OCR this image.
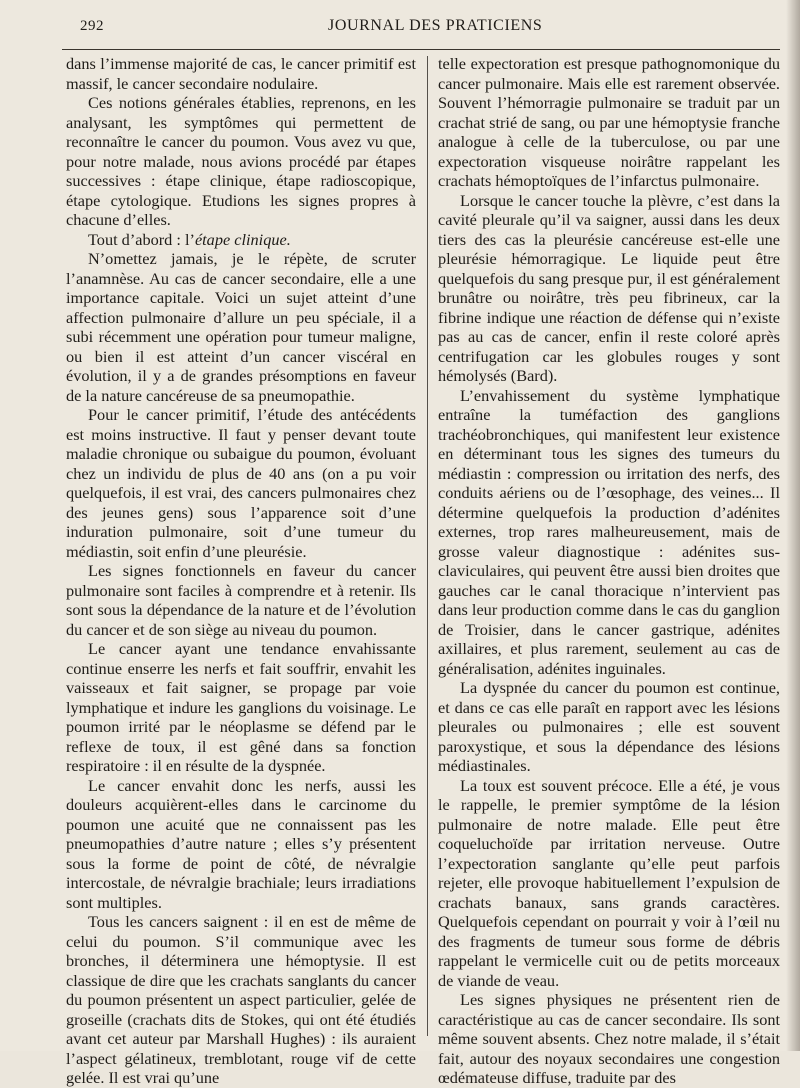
292	JOURNAL DES PRATICIENS

dans l’immense majorité de cas, le cancer primitif est massif, le cancer secondaire nodulaire.

Ces notions générales établies, reprenons, en les analysant, les symptômes qui permettent de reconnaître le cancer du poumon. Vous avez vu que, pour notre malade, nous avions procédé par étapes successives : étape clinique, étape radioscopique, étape cytologique. Etudions les signes propres à chacune d’elles.

Tout d’abord : l’étape clinique.

N’omettez jamais, je le répète, de scruter l’anamnèse. Au cas de cancer secondaire, elle a une importance capitale. Voici un sujet atteint d’une affection pulmonaire d’allure un peu spéciale, il a subi récemment une opération pour tumeur maligne, ou bien il est atteint d’un cancer viscéral en évolution, il y a de grandes présomptions en faveur de la nature cancéreuse de sa pneumopathie.

Pour le cancer primitif, l’étude des antécédents est moins instructive. Il faut y penser devant toute maladie chronique ou subaigue du poumon, évoluant chez un individu de plus de 40 ans (on a pu voir quelquefois, il est vrai, des cancers pulmonaires chez des jeunes gens) sous l’apparence soit d’une induration pulmonaire, soit d’une tumeur du médiastin, soit enfin d’une pleurésie.

Les signes fonctionnels en faveur du cancer pulmonaire sont faciles à comprendre et à retenir. Ils sont sous la dépendance de la nature et de l’évolution du cancer et de son siège au niveau du poumon.

Le cancer ayant une tendance envahissante continue enserre les nerfs et fait souffrir, envahit les vaisseaux et fait saigner, se propage par voie lymphatique et indure les ganglions du voisinage. Le poumon irrité par le néoplasme se défend par le reflexe de toux, il est gêné dans sa fonction respiratoire : il en résulte de la dyspnée.

Le cancer envahit donc les nerfs, aussi les douleurs acquièrent-elles dans le carcinome du poumon une acuité que ne connaissent pas les pneumopathies d’autre nature ; elles s’y présentent sous la forme de point de côté, de névralgie intercostale, de névralgie brachiale; leurs irradiations sont multiples.

Tous les cancers saignent : il en est de même de celui du poumon. S’il communique avec les bronches, il déterminera une hémoptysie. Il est classique de dire que les crachats sanglants du cancer du poumon présentent un aspect particulier, gelée de groseille (crachats dits de Stokes, qui ont été étudiés avant cet auteur par Marshall Hughes) : ils auraient l’aspect gélatineux, tremblotant, rouge vif de cette gelée. Il est vrai qu’une

telle expectoration est presque pathognomonique du cancer pulmonaire. Mais elle est rarement observée. Souvent l’hémorragie pulmonaire se traduit par un crachat strié de sang, ou par une hémoptysie franche analogue à celle de la tuberculose, ou par une expectoration visqueuse noirâtre rappelant les crachats hémoptoïques de l’infarctus pulmonaire.

Lorsque le cancer touche la plèvre, c’est dans la cavité pleurale qu’il va saigner, aussi dans les deux tiers des cas la pleurésie cancéreuse est-elle une pleurésie hémorragique. Le liquide peut être quelquefois du sang presque pur, il est généralement brunâtre ou noirâtre, très peu fibrineux, car la fibrine indique une réaction de défense qui n’existe pas au cas de cancer, enfin il reste coloré après centrifugation car les globules rouges y sont hémolysés (Bard).

L’envahissement du système lymphatique entraîne la tuméfaction des ganglions trachéobronchiques, qui manifestent leur existence en déterminant tous les signes des tumeurs du médiastin : compression ou irritation des nerfs, des conduits aériens ou de l’œsophage, des veines... Il détermine quelquefois la production d’adénites externes, trop rares malheureusement, mais de grosse valeur diagnostique : adénites sus-claviculaires, qui peuvent être aussi bien droites que gauches car le canal thoracique n’intervient pas dans leur production comme dans le cas du ganglion de Troisier, dans le cancer gastrique, adénites axillaires, et plus rarement, seulement au cas de généralisation, adénites inguinales.

La dyspnée du cancer du poumon est continue, et dans ce cas elle paraît en rapport avec les lésions pleurales ou pulmonaires ; elle est souvent paroxystique, et sous la dépendance des lésions médiastinales.

La toux est souvent précoce. Elle a été, je vous le rappelle, le premier symptôme de la lésion pulmonaire de notre malade. Elle peut être coqueluchoïde par irritation nerveuse. Outre l’expectoration sanglante qu’elle peut parfois rejeter, elle provoque habituellement l’expulsion de crachats banaux, sans grands caractères. Quelquefois cependant on pourrait y voir à l’œil nu des fragments de tumeur sous forme de débris rappelant le vermicelle cuit ou de petits morceaux de viande de veau.

Les signes physiques ne présentent rien de caractéristique au cas de cancer secondaire. Ils sont même souvent absents. Chez notre malade, il s’était fait, autour des noyaux secondaires une congestion œdémateuse diffuse, traduite par des
